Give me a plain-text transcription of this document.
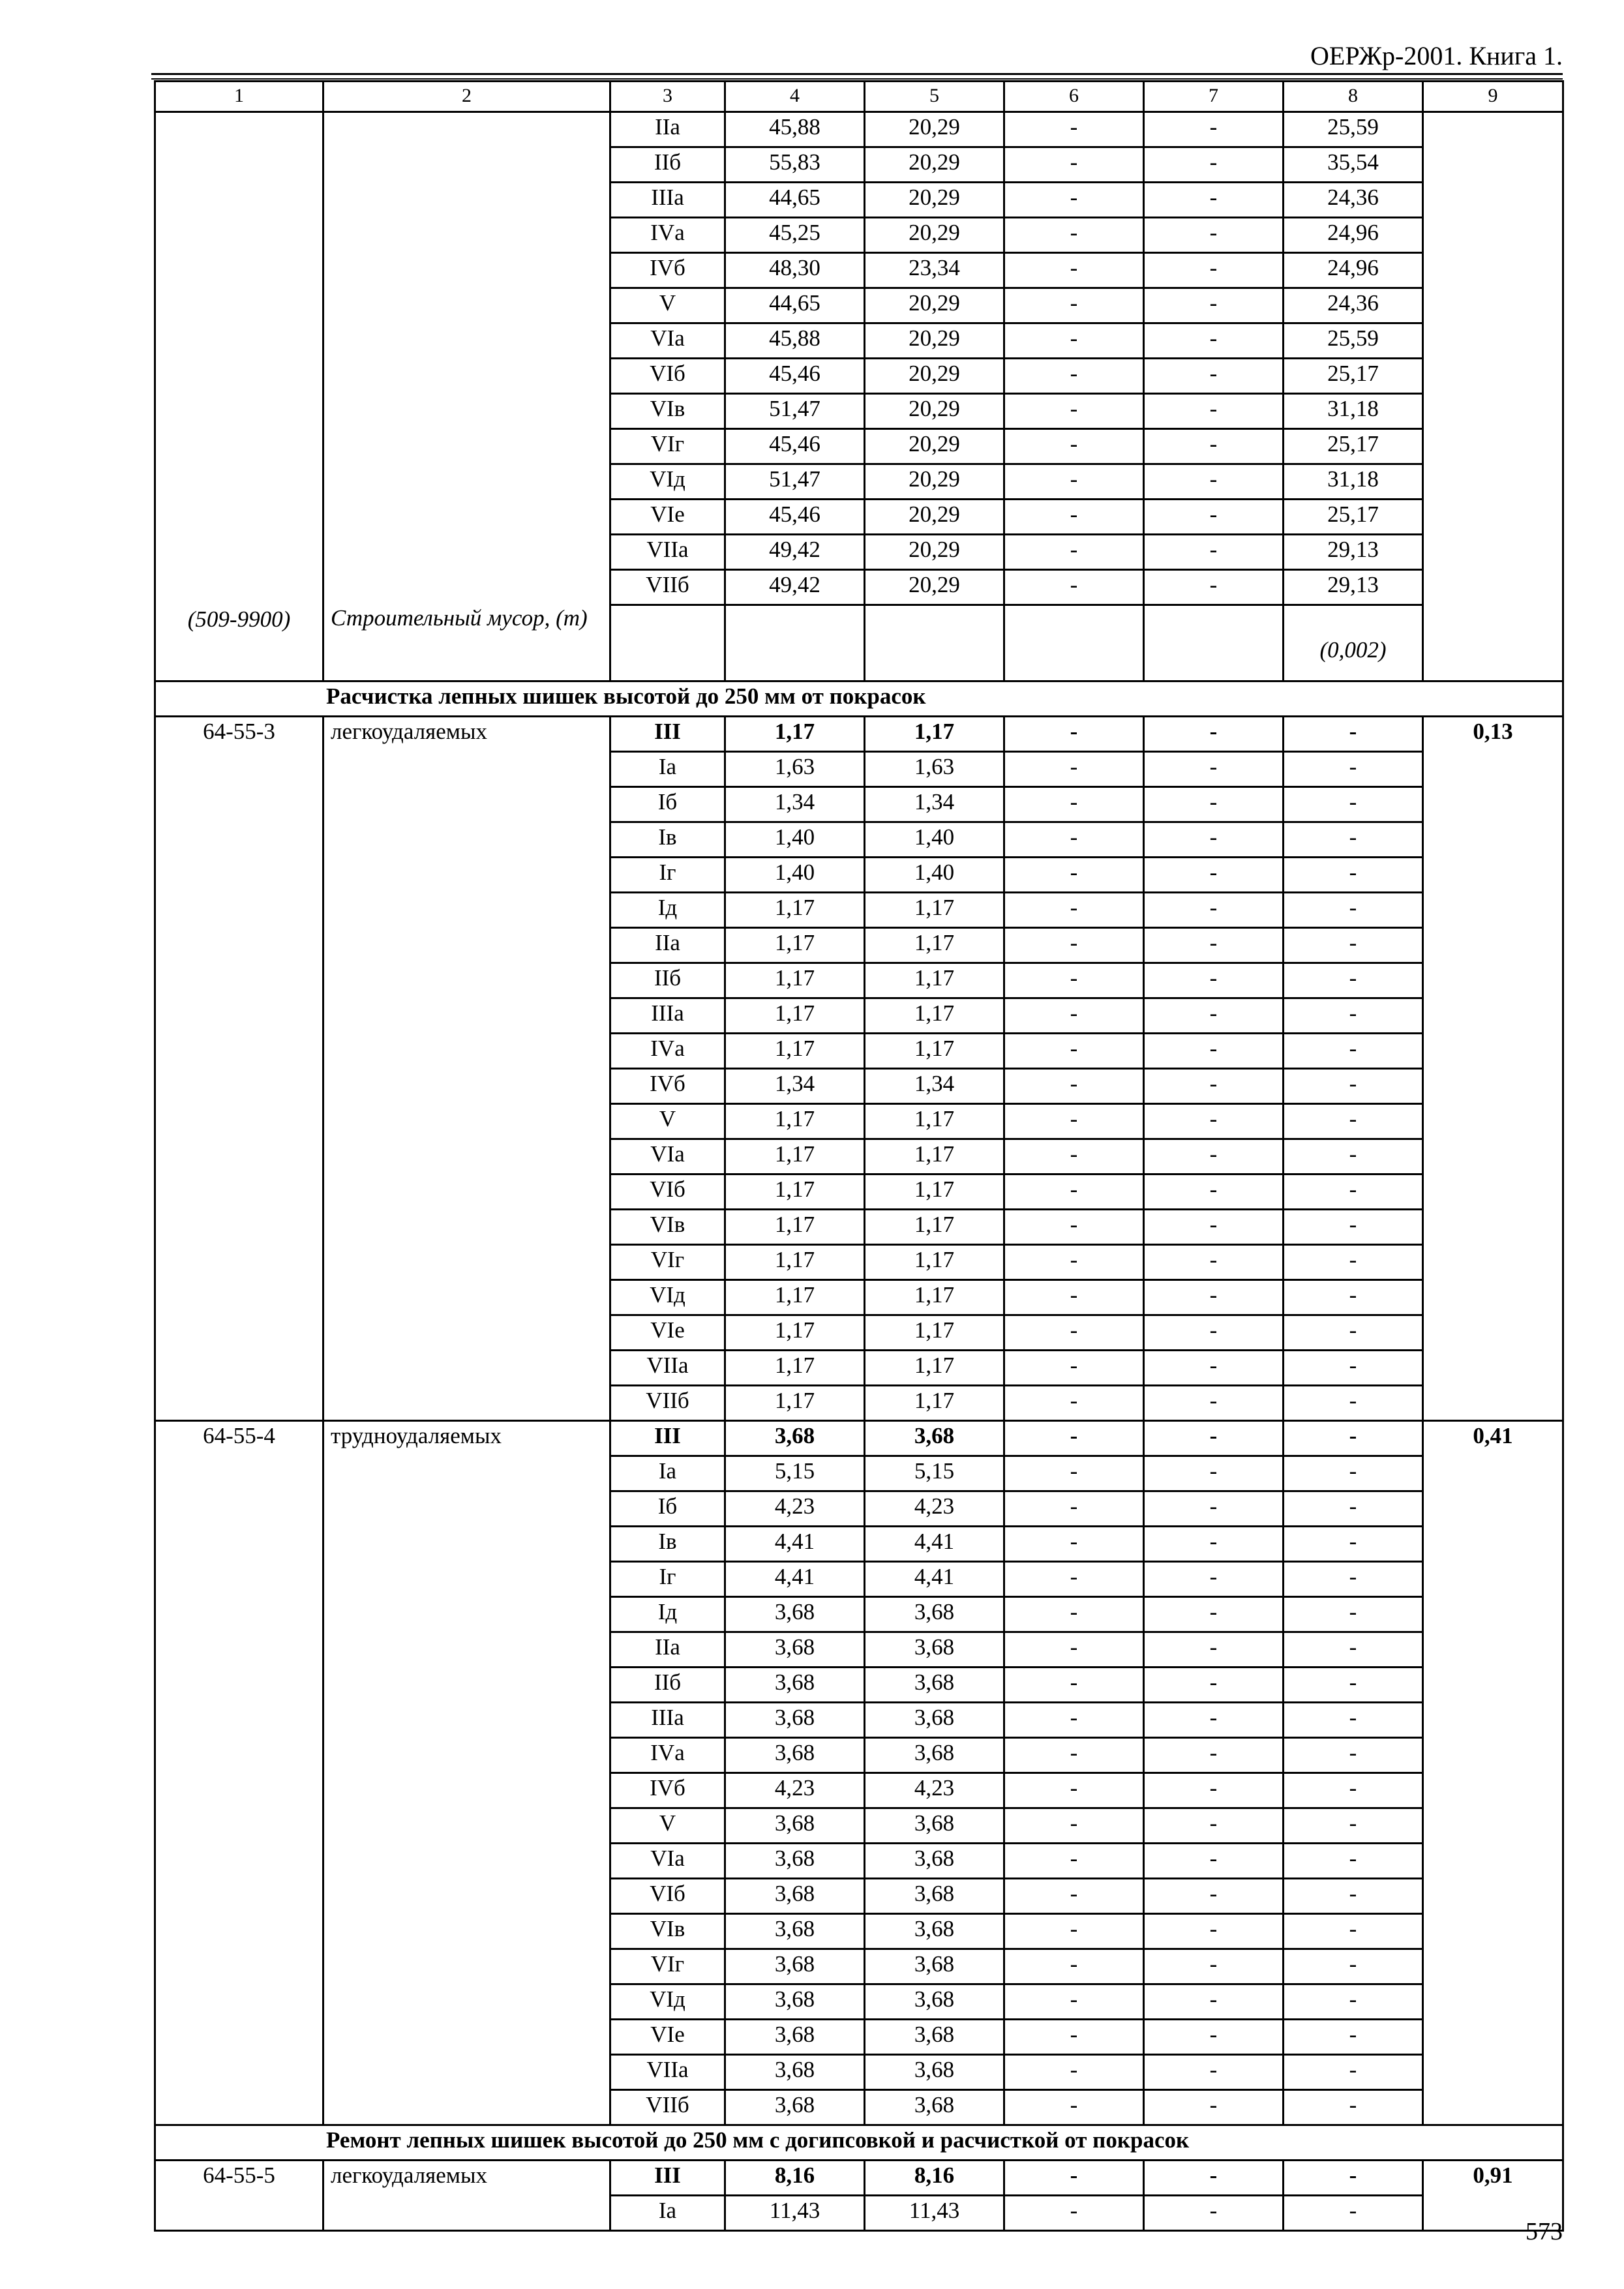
ОЕРЖр-2001. Книга 1.
1	2	3	4	5	6	7	8	9
		IIа	45,88	20,29	-	-	25,59	
		IIб	55,83	20,29	-	-	35,54	
		IIIа	44,65	20,29	-	-	24,36	
		IVа	45,25	20,29	-	-	24,96	
		IVб	48,30	23,34	-	-	24,96	
		V	44,65	20,29	-	-	24,36	
		VIа	45,88	20,29	-	-	25,59	
		VIб	45,46	20,29	-	-	25,17	
		VIв	51,47	20,29	-	-	31,18	
		VIг	45,46	20,29	-	-	25,17	
		VIд	51,47	20,29	-	-	31,18	
		VIе	45,46	20,29	-	-	25,17	
		VIIа	49,42	20,29	-	-	29,13	
		VIIб	49,42	20,29	-	-	29,13	
(509-9900)	Строительный мусор, (т)						(0,002)	

Расчистка лепных шишек высотой до 250 мм от покрасок								
64-55-3	легкоудаляемых	III	1,17	1,17	-	-	-	0,13
		Iа	1,63	1,63	-	-	-	
		Iб	1,34	1,34	-	-	-	
		Iв	1,40	1,40	-	-	-	
		Iг	1,40	1,40	-	-	-	
		Iд	1,17	1,17	-	-	-	
		IIа	1,17	1,17	-	-	-	
		IIб	1,17	1,17	-	-	-	
		IIIа	1,17	1,17	-	-	-	
		IVа	1,17	1,17	-	-	-	
		IVб	1,34	1,34	-	-	-	
		V	1,17	1,17	-	-	-	
		VIа	1,17	1,17	-	-	-	
		VIб	1,17	1,17	-	-	-	
		VIв	1,17	1,17	-	-	-	
		VIг	1,17	1,17	-	-	-	
		VIд	1,17	1,17	-	-	-	
		VIе	1,17	1,17	-	-	-	
		VIIа	1,17	1,17	-	-	-	
		VIIб	1,17	1,17	-	-	-	
64-55-4	трудноудаляемых	III	3,68	3,68	-	-	-	0,41
		Iа	5,15	5,15	-	-	-	
		Iб	4,23	4,23	-	-	-	
		Iв	4,41	4,41	-	-	-	
		Iг	4,41	4,41	-	-	-	
		Iд	3,68	3,68	-	-	-	
		IIа	3,68	3,68	-	-	-	
		IIб	3,68	3,68	-	-	-	
		IIIа	3,68	3,68	-	-	-	
		IVа	3,68	3,68	-	-	-	
		IVб	4,23	4,23	-	-	-	
		V	3,68	3,68	-	-	-	
		VIа	3,68	3,68	-	-	-	
		VIб	3,68	3,68	-	-	-	
		VIв	3,68	3,68	-	-	-	
		VIг	3,68	3,68	-	-	-	
		VIд	3,68	3,68	-	-	-	
		VIе	3,68	3,68	-	-	-	
		VIIа	3,68	3,68	-	-	-	
		VIIб	3,68	3,68	-	-	-	
Ремонт лепных шишек высотой до 250 мм с догипсовкой и расчисткой от покрасок								
64-55-5	легкоудаляемых	III	8,16	8,16	-	-	-	0,91
		Iа	11,43	11,43	-	-	-	
573
